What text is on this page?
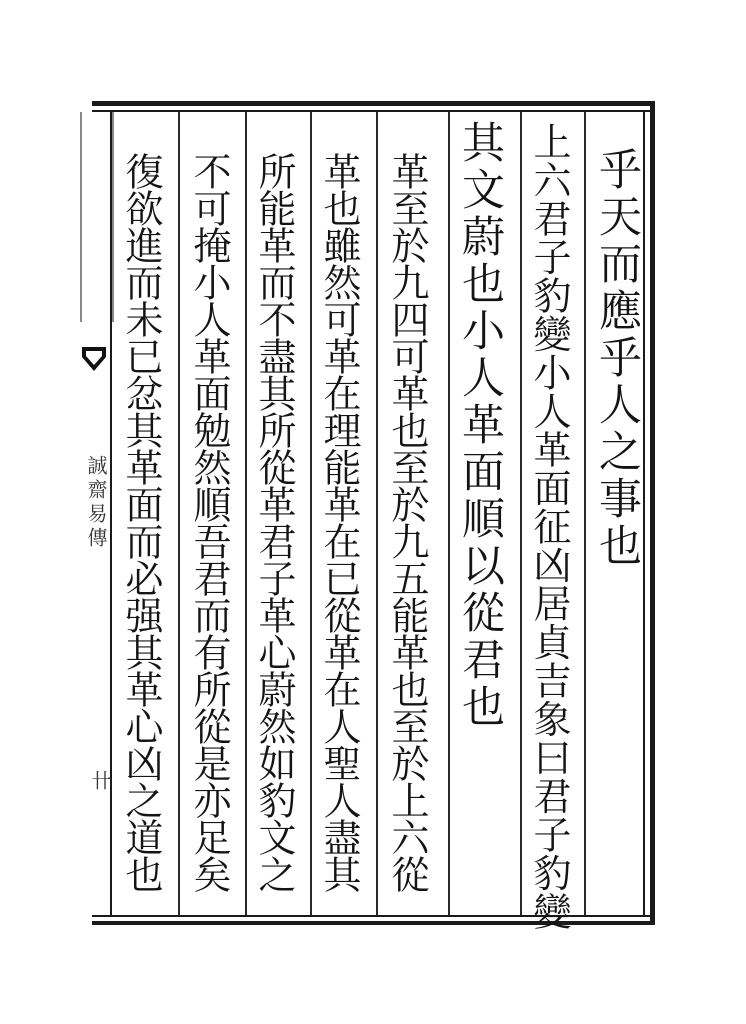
誠齋易傳
卄
乎天而應乎人之事也
上六君子豹變小人革面征凶居貞吉象曰君子豹變
其文蔚也小人革面順以從君也
革至於九四可革也至於九五能革也至於上六從
革也雖然可革在理能革在已從革在人聖人盡其
所能革而不盡其所從革君子革心蔚然如豹文之
不可掩小人革面勉然順吾君而有所從是亦足矣
復欲進而未已忿其革面而必强其革心凶之道也
